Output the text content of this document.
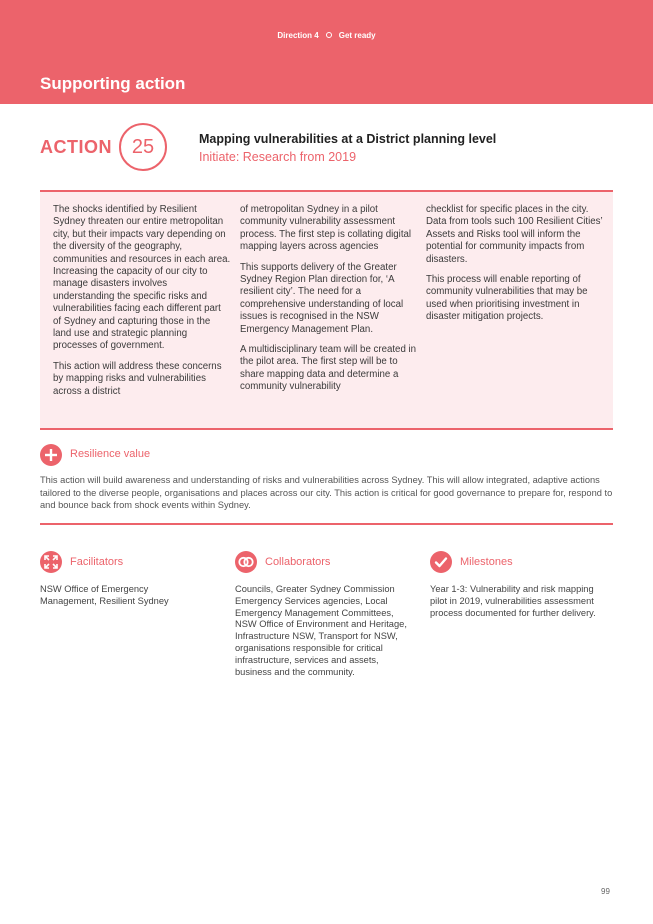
Direction 4	Get ready
Supporting action
ACTION 25	Mapping vulnerabilities at a District planning level
Initiate: Research from 2019

The shocks identified by Resilient Sydney threaten our entire metropolitan city, but their impacts vary depending on the diversity of the geography, communities and resources in each area. Increasing the capacity of our city to manage disasters involves understanding the specific risks and vulnerabilities facing each different part of Sydney and capturing those in the land use and strategic planning processes of government.

This action will address these concerns by mapping risks and vulnerabilities across a district

of metropolitan Sydney in a pilot community vulnerability assessment process. The first step is collating digital mapping layers across agencies

This supports delivery of the Greater Sydney Region Plan direction for, ‘A resilient city’. The need for a comprehensive understanding of local issues is recognised in the NSW Emergency Management Plan.

A multidisciplinary team will be created in the pilot area. The first step will be to share mapping data and determine a community vulnerability

checklist for specific places in the city. Data from tools such 100 Resilient Cities’ Assets and Risks tool will inform the potential for community impacts from disasters.

This process will enable reporting of community vulnerabilities that may be used when prioritising investment in disaster mitigation projects.

Resilience value
This action will build awareness and understanding of risks and vulnerabilities across Sydney. This will allow integrated, adaptive actions tailored to the diverse people, organisations and places across our city. This action is critical for good governance to prepare for, respond to and bounce back from shock events within Sydney.
Facilitators
NSW Office of Emergency Management, Resilient Sydney
Collaborators
Councils, Greater Sydney Commission Emergency Services agencies, Local Emergency Management Committees, NSW Office of Environment and Heritage, Infrastructure NSW, Transport for NSW, organisations responsible for critical infrastructure, services and assets, business and the community.
Milestones
Year 1-3: Vulnerability and risk mapping pilot in 2019, vulnerabilities assessment process documented for further delivery.
99
